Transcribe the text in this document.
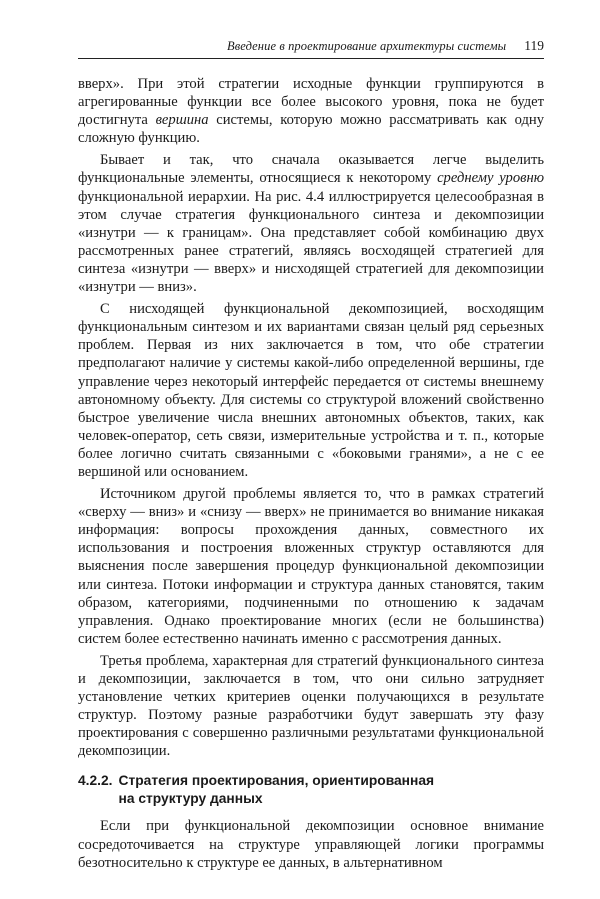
Введение в проектирование архитектуры системы 119

вверх». При этой стратегии исходные функции группируются в агрегированные функции все более высокого уровня, пока не будет достигнута вершина системы, которую можно рассматривать как одну сложную функцию.

Бывает и так, что сначала оказывается легче выделить функциональные элементы, относящиеся к некоторому среднему уровню функциональной иерархии. На рис. 4.4 иллюстрируется целесообразная в этом случае стратегия функционального синтеза и декомпозиции «изнутри — к границам». Она представляет собой комбинацию двух рассмотренных ранее стратегий, являясь восходящей стратегией для синтеза «изнутри — вверх» и нисходящей стратегией для декомпозиции «изнутри — вниз».

С нисходящей функциональной декомпозицией, восходящим функциональным синтезом и их вариантами связан целый ряд серьезных проблем. Первая из них заключается в том, что обе стратегии предполагают наличие у системы какой-либо определенной вершины, где управление через некоторый интерфейс передается от системы внешнему автономному объекту. Для системы со структурой вложений свойственно быстрое увеличение числа внешних автономных объектов, таких, как человек-оператор, сеть связи, измерительные устройства и т. п., которые более логично считать связанными с «боковыми гранями», а не с ее вершиной или основанием.

Источником другой проблемы является то, что в рамках стратегий «сверху — вниз» и «снизу — вверх» не принимается во внимание никакая информация: вопросы прохождения данных, совместного их использования и построения вложенных структур оставляются для выяснения после завершения процедур функциональной декомпозиции или синтеза. Потоки информации и структура данных становятся, таким образом, категориями, подчиненными по отношению к задачам управления. Однако проектирование многих (если не большинства) систем более естественно начинать именно с рассмотрения данных.

Третья проблема, характерная для стратегий функционального синтеза и декомпозиции, заключается в том, что они сильно затрудняет установление четких критериев оценки получающихся в результате структур. Поэтому разные разработчики будут завершать эту фазу проектирования с совершенно различными результатами функциональной декомпозиции.

4.2.2. Стратегия проектирования, ориентированная
на структуру данных

Если при функциональной декомпозиции основное внимание сосредоточивается на структуре управляющей логики программы безотносительно к структуре ее данных, в альтернативном
